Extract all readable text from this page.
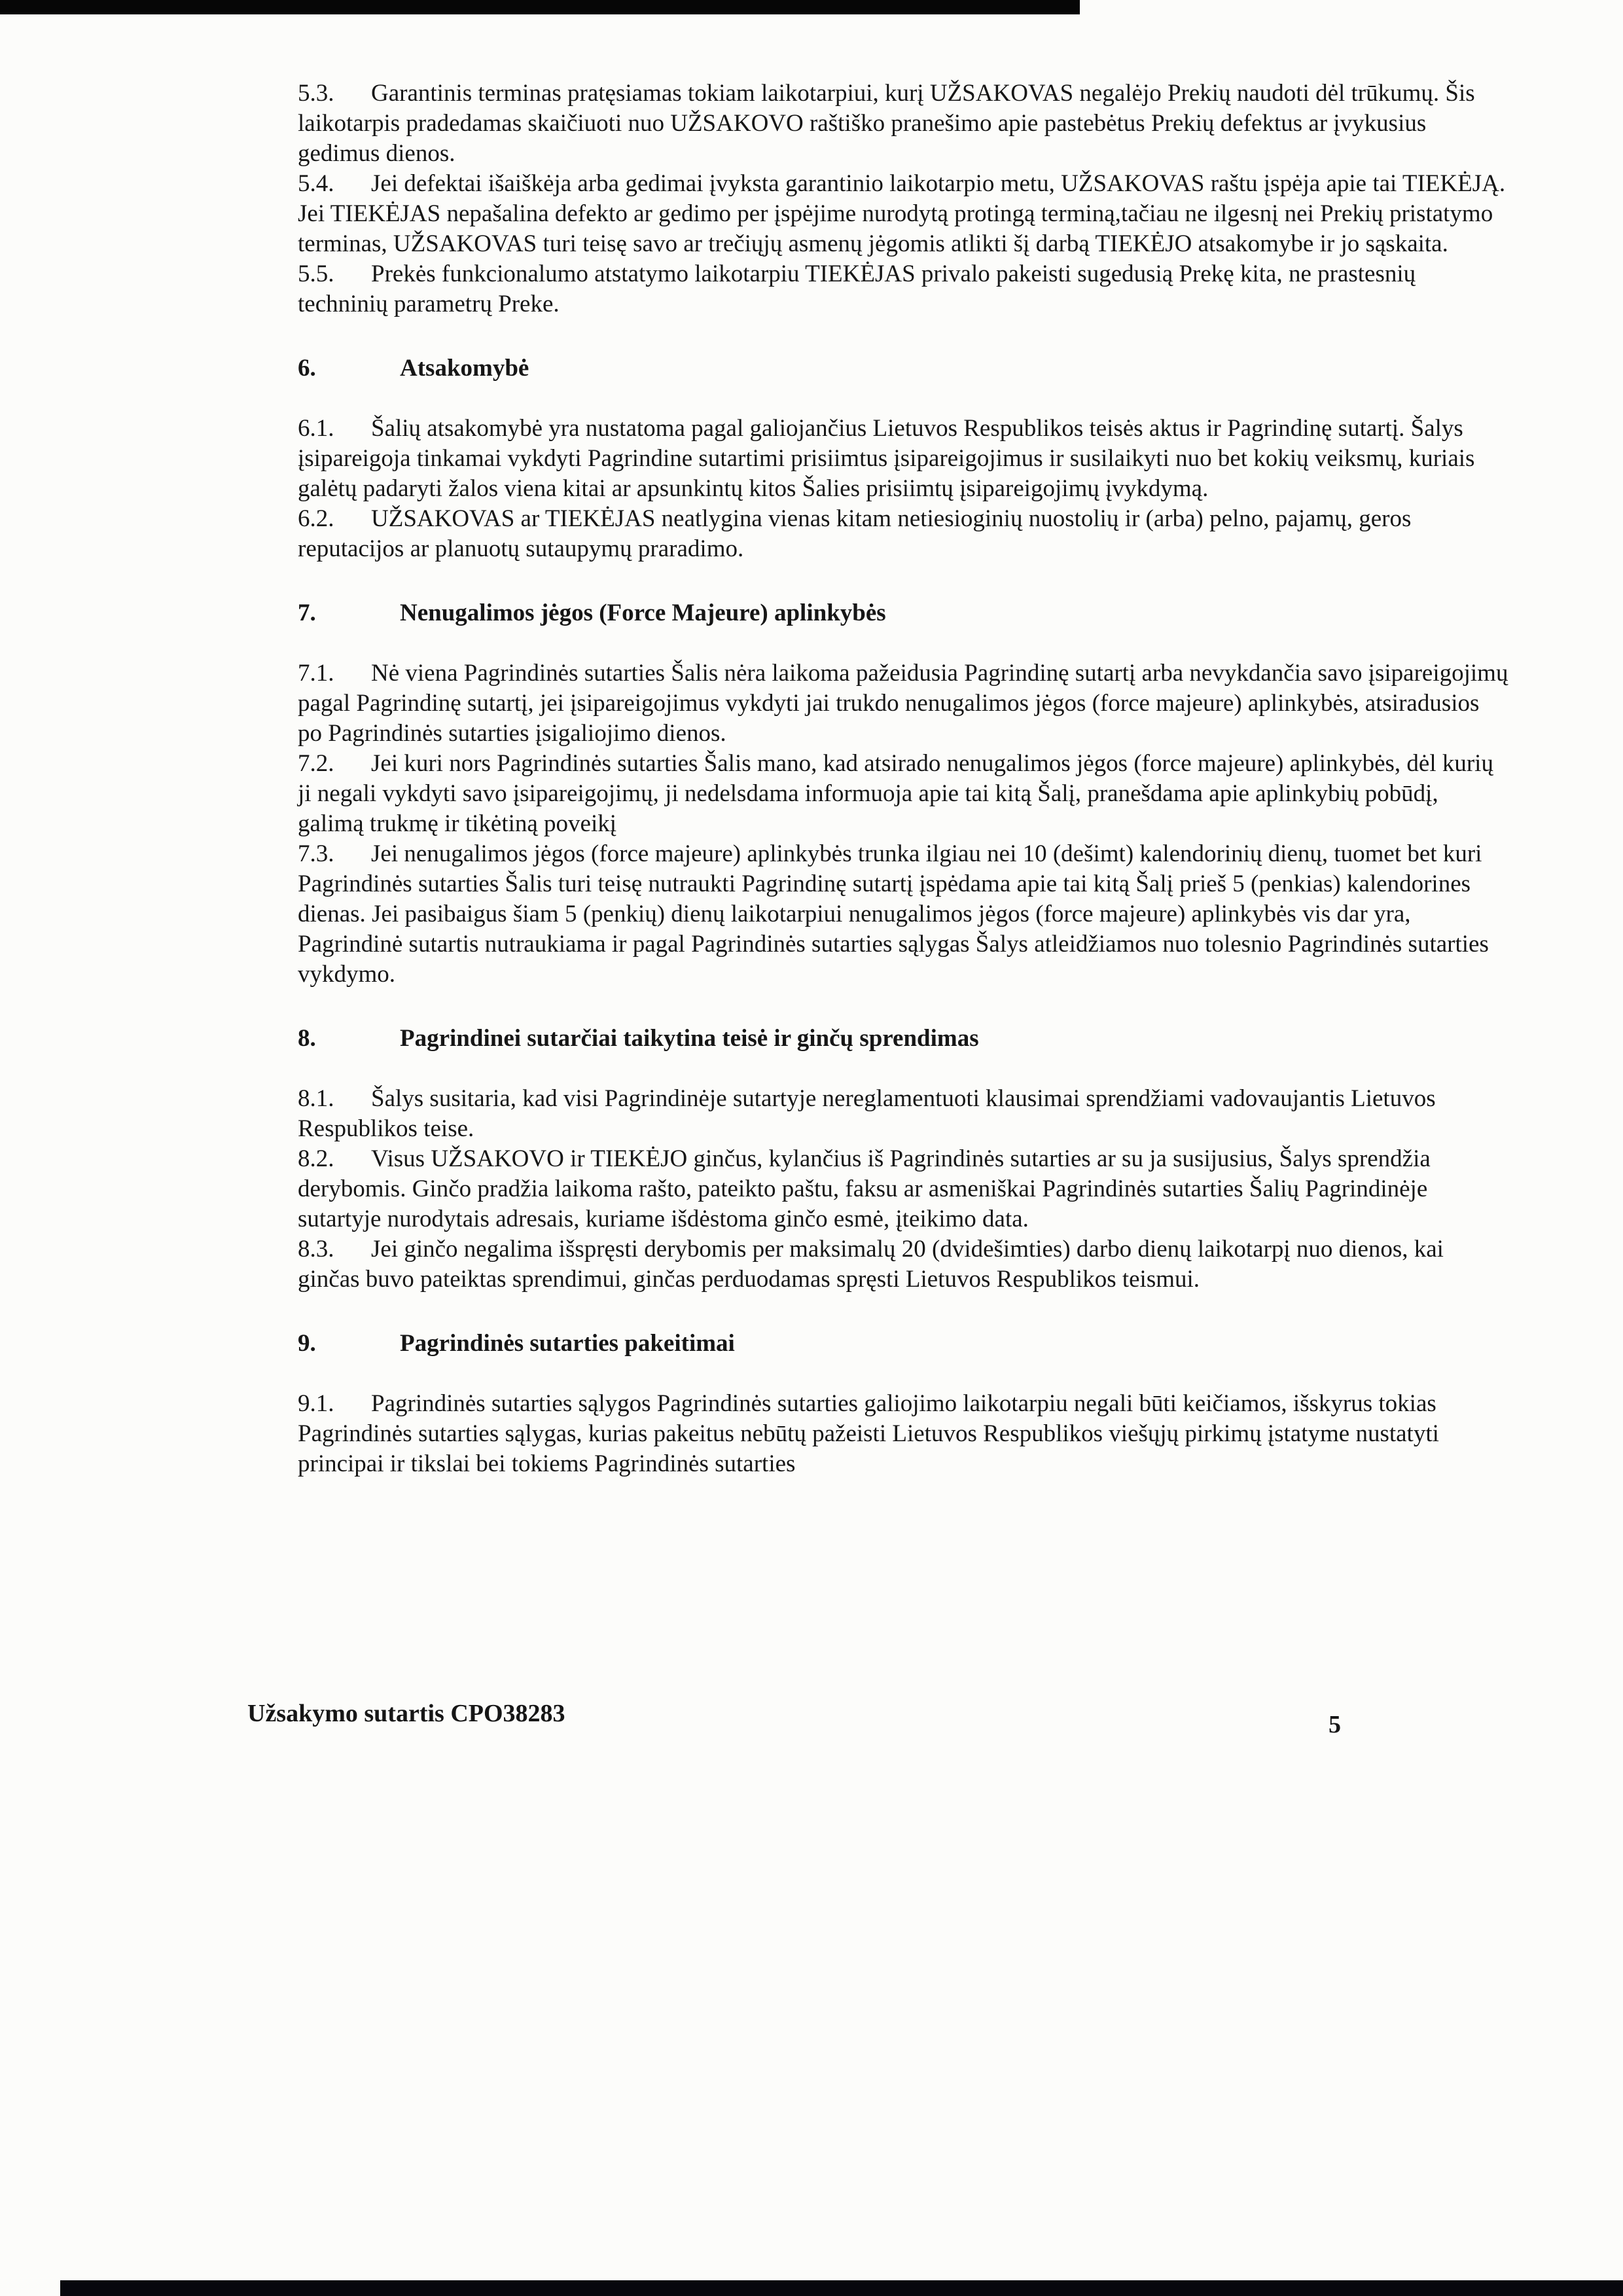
5.3. Garantinis terminas pratęsiamas tokiam laikotarpiui, kurį UŽSAKOVAS negalėjo Prekių naudoti dėl trūkumų. Šis laikotarpis pradedamas skaičiuoti nuo UŽSAKOVO raštiško pranešimo apie pastebėtus Prekių defektus ar įvykusius gedimus dienos.

5.4. Jei defektai išaiškėja arba gedimai įvyksta garantinio laikotarpio metu, UŽSAKOVAS raštu įspėja apie tai TIEKĖJĄ. Jei TIEKĖJAS nepašalina defekto ar gedimo per įspėjime nurodytą protingą terminą,tačiau ne ilgesnį nei Prekių pristatymo terminas, UŽSAKOVAS turi teisę savo ar trečiųjų asmenų jėgomis atlikti šį darbą TIEKĖJO atsakomybe ir jo sąskaita.

5.5. Prekės funkcionalumo atstatymo laikotarpiu TIEKĖJAS privalo pakeisti sugedusią Prekę kita, ne prastesnių techninių parametrų Preke.

6.	Atsakomybė

6.1. Šalių atsakomybė yra nustatoma pagal galiojančius Lietuvos Respublikos teisės aktus ir Pagrindinę sutartį. Šalys įsipareigoja tinkamai vykdyti Pagrindine sutartimi prisiimtus įsipareigojimus ir susilaikyti nuo bet kokių veiksmų, kuriais galėtų padaryti žalos viena kitai ar apsunkintų kitos Šalies prisiimtų įsipareigojimų įvykdymą.

6.2. UŽSAKOVAS ar TIEKĖJAS neatlygina vienas kitam netiesioginių nuostolių ir (arba) pelno, pajamų, geros reputacijos ar planuotų sutaupymų praradimo.

7.	Nenugalimos jėgos (Force Majeure) aplinkybės

7.1. Nė viena Pagrindinės sutarties Šalis nėra laikoma pažeidusia Pagrindinę sutartį arba nevykdančia savo įsipareigojimų pagal Pagrindinę sutartį, jei įsipareigojimus vykdyti jai trukdo nenugalimos jėgos (force majeure) aplinkybės, atsiradusios po Pagrindinės sutarties įsigaliojimo dienos.

7.2. Jei kuri nors Pagrindinės sutarties Šalis mano, kad atsirado nenugalimos jėgos (force majeure) aplinkybės, dėl kurių ji negali vykdyti savo įsipareigojimų, ji nedelsdama informuoja apie tai kitą Šalį, pranešdama apie aplinkybių pobūdį, galimą trukmę ir tikėtiną poveikį

7.3. Jei nenugalimos jėgos (force majeure) aplinkybės trunka ilgiau nei 10 (dešimt) kalendorinių dienų, tuomet bet kuri Pagrindinės sutarties Šalis turi teisę nutraukti Pagrindinę sutartį įspėdama apie tai kitą Šalį prieš 5 (penkias) kalendorines dienas. Jei pasibaigus šiam 5 (penkių) dienų laikotarpiui nenugalimos jėgos (force majeure) aplinkybės vis dar yra, Pagrindinė sutartis nutraukiama ir pagal Pagrindinės sutarties sąlygas Šalys atleidžiamos nuo tolesnio Pagrindinės sutarties vykdymo.

8.	Pagrindinei sutarčiai taikytina teisė ir ginčų sprendimas

8.1. Šalys susitaria, kad visi Pagrindinėje sutartyje nereglamentuoti klausimai sprendžiami vadovaujantis Lietuvos Respublikos teise.

8.2. Visus UŽSAKOVO ir TIEKĖJO ginčus, kylančius iš Pagrindinės sutarties ar su ja susijusius, Šalys sprendžia derybomis. Ginčo pradžia laikoma rašto, pateikto paštu, faksu ar asmeniškai Pagrindinės sutarties Šalių Pagrindinėje sutartyje nurodytais adresais, kuriame išdėstoma ginčo esmė, įteikimo data.

8.3. Jei ginčo negalima išspręsti derybomis per maksimalų 20 (dvidešimties) darbo dienų laikotarpį nuo dienos, kai ginčas buvo pateiktas sprendimui, ginčas perduodamas spręsti Lietuvos Respublikos teismui.

9.	Pagrindinės sutarties pakeitimai

9.1. Pagrindinės sutarties sąlygos Pagrindinės sutarties galiojimo laikotarpiu negali būti keičiamos, išskyrus tokias Pagrindinės sutarties sąlygas, kurias pakeitus nebūtų pažeisti Lietuvos Respublikos viešųjų pirkimų įstatyme nustatyti principai ir tikslai bei tokiems Pagrindinės sutarties

Užsakymo sutartis CPO38283	5
